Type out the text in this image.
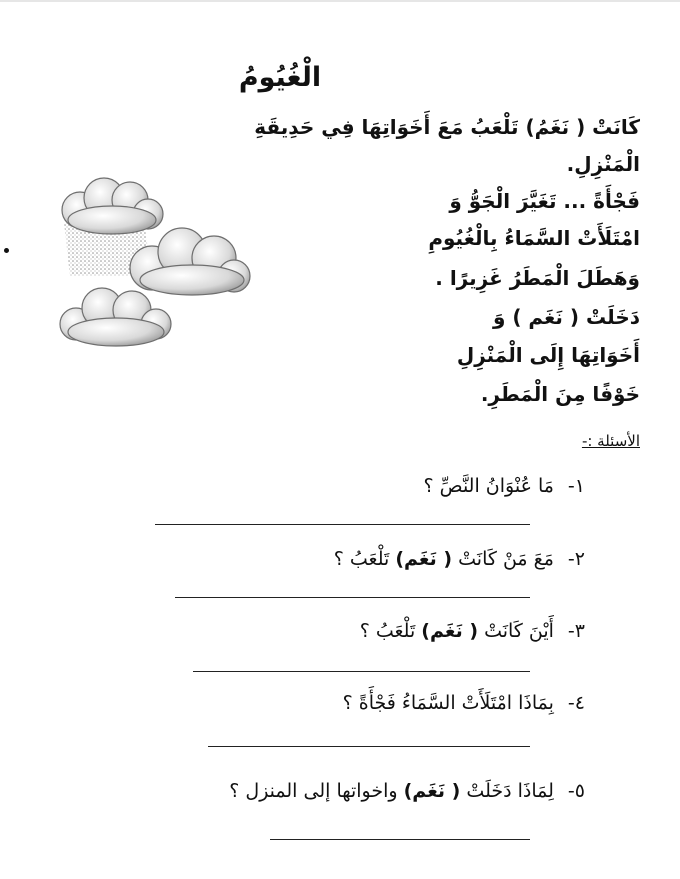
الْغُيُومُ
كَانَتْ ( نَغَمُ) تَلْعَبُ مَعَ أَخَوَاتِهَا فِي حَدِيقَةِ
الْمَنْزِلِ.
فَجْأَةً ... تَغَيَّرَ الْجَوُّ وَ
امْتَلَأَتْ السَّمَاءُ بِالْغُيُومِ
وَهَطَلَ الْمَطَرُ غَزِيرًا .
دَخَلَتْ ( نَغَم ) وَ
أَخَوَاتِهَا إِلَى الْمَنْزِلِ
خَوْفًا مِنَ الْمَطَرِ.
الأسئلة :-
١-مَا عُنْوَانُ النَّصِّ ؟
٢-مَعَ مَنْ كَانَتْ ( نَغَم) تَلْعَبُ ؟
٣-أَيْنَ كَانَتْ ( نَغَم) تَلْعَبُ ؟
٤-بِمَاذَا امْتَلَأَتْ السَّمَاءُ فَجْأَةً ؟
٥-لِمَاذَا دَخَلَتْ ( نَغَم) واخواتها إلى المنزل ؟
